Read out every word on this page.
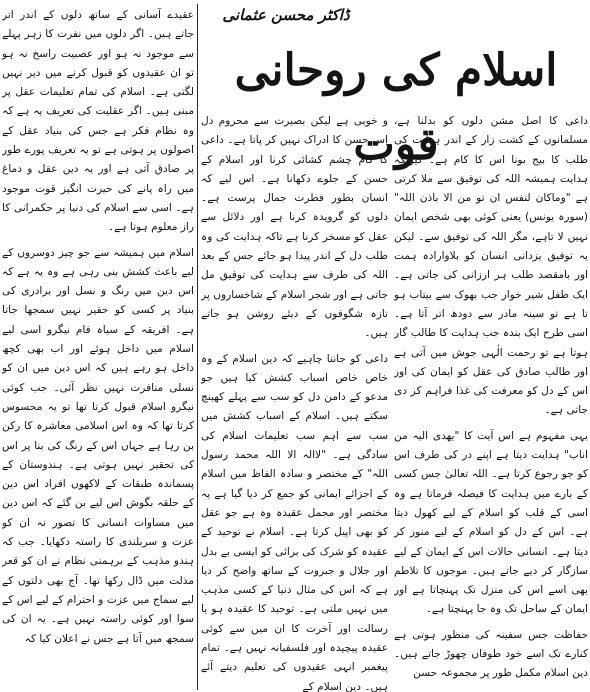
ڈاکٹر محسن عثمانی
اسلام کی روحانی قوت

داعی کا اصل مشن دلوں کو بدلنا ہے، مسلمانوں کے کشت زار کے اندر ہدایت کی طلب کا بیج بونا اس کا کام ہے۔ کیونکہ ہدایت ہمیشہ اللہ کی توفیق سے ملا کرتی ہے "وماکان لنفس ان تو من الا باذن اللہ" (سورہ یونس) یعنی کوئی بھی شخص ایمان نہیں لا تاہے، مگر اللہ کی توفیق سے۔ لیکن یہ توفیق یزدانی انسان کو بلاوارادہ ہمت اور بامقصد طلب ہر ارزانی کی جاتی ہے۔ ایک طفل شیر خوار جب بھوک سے بیتاب ہو تا ہے تو سینہ مادر سے دودھ اتر آتا ہے۔ اسی طرح ایک بندہ جب ہدایت کا طالب گار ہوتا ہے تو رحمت الٰہی جوش میں آتی ہے اور طالب صادق کی عقل کو ایمان کی اور اس کے دل کو معرفت کی غذا فراہم کر دی جاتی ہے۔

یہی مفہوم ہے اس آیت کا "یھدی الیہ من اناب" ہدایت دیتا ہے اپنے در کی طرف اس کو جو رجوع کرتا ہے۔ اللہ تعالیٰ جس کسی کے بارے میں ہدایت کا فیصلہ فرماتا ہے وہ اسی کے قلب کو اسلام کے لیے کھول دیتا ہے۔ اس کے دل کو اسلام کے لیے منور کر دیتا ہے۔ انسانی حالات اس کے ایمان کے لیے سازگار کر دیے جاتے ہیں۔ موجوں کا تلاطم بھی اسے اس کی منزل تک پہنچاتا ہے اور ایمان کے ساحل تک وہ جا پہنچتا ہے۔

حفاظت جس سفینہ کی منظور ہوتی ہے کنارے تک اسے خود طوفاں چھوڑ جاتے ہیں۔ دین اسلام مکمل طور پر مجموعہ حسن

و خوبی ہے لیکن بصیرت سے محروم دل اس حسن کا ادراک نہیں کر پاتا ہے۔ داعی کا کام چشم کشائی کرنا اور اسلام کے حسن کے جلوے دکھانا ہے۔ اس لیے کہ انسان بطور فطرت جمال پرست ہے۔ دلوں کو گرویدہ کرنا ہے اور دلائل سے عقل کو مسخر کرنا ہے تاکہ ہدایت کی وہ طلب دل کے اندر پیدا ہو جائے جس کے بعد اللہ کی طرف سے ہدایت کی توفیق مل جاتی ہے اور شجر اسلام کے شاخساروں پر تازہ شگوفوں کے دیئے روشن ہو جاتے ہیں۔

داعی کو جاننا چاہیے کہ دین اسلام کے وہ خاص خاص اسباب کشش کیا ہیں جو مدعو کے دامن دل کو سب سے پہلے کھینچ سکتے ہیں۔ اسلام کے اسباب کشش میں سب سے اہم سب تعلیمات اسلام کی سادگی ہے۔ "لاالہ الا اللہ محمد رسول اللہ" کے مختصر و سادہ الفاظ میں اسلام کے اجزائے ایمانی کو جمع کر دیا گیا ہے یہ مختصر اور مجمل عقیدہ وہ ہے جو عقل کو بھی اپیل کرتا ہے۔ اسلام نے توحید کے عقیدہ کو شرک کی برائی کو ایسی بے بدل اور جلال و جبروت کے ساتھ واضح کر دیا ہے کہ اس کی مثال دنیا کے کسی مذہب میں نہیں ملتی ہے۔ توحید کا عقیدہ ہو یا رسالت اور آخرت کا ان میں سے کوئی عقیدہ پیچیدہ اور فلسفیانہ نہیں ہے۔ تمام پیغمبر انہی عقیدوں کی تعلیم دیتے آئے ہیں۔ دین اسلام کے

عقیدے آسانی کے ساتھ دلوں کے اندر اتر جاتے ہیں۔ اگر دلوں میں نفرت کا زہر پہلے سے موجود نہ ہو اور عصبیت راسخ نہ ہو تو ان عقیدوں کو قبول کرنے میں دیر نہیں لگتی ہے۔ اسلام کی تمام تعلیمات عقل پر مبنی ہیں۔ اگر عقلیت کی تعریف یہ ہے کہ وہ نظام فکر ہے جس کی بنیاد عقل کے اصولوں پر ہوتی ہے تو یہ تعریف پورے طور پر صادق آتی ہے اور یہ دین عقل و دماغ میں راہ پانے کی حیرت انگیز قوت موجود ہے۔ اسی سے اسلام کی دنیا پر حکمرانی کا راز معلوم ہوتا ہے۔

اسلام میں ہمیشہ سے جو چیز دوسروں کے لیے باعث کشش بنی رہی ہے وہ یہ ہے کہ اس دین میں رنگ و نسل اور برادری کی بنیاد پر کسی کو حقیر نہیں سمجھا جاتا ہے۔ افریقہ کے سیاہ فام نیگرو اسی لیے اسلام میں داخل ہوئے اور اب بھی کچھ داخل ہو رہے ہیں کہ اس دین میں ان کو نسلی منافرت نہیں نظر آئی۔ جب کوئی نیگرو اسلام قبول کرتا تھا تو یہ محسوس کرتا تھا کہ وہ اس اسلامی معاشرہ کا رکن بن رہا ہے جہاں اس کے رنگ کی بنا پر اس کی تحقیر نہیں ہوتی ہے۔ ہندوستان کے پسماندہ طبقات کے لاکھوں افراد اس دین کے حلقہ بگوش اس لیے بن گئے کہ اس دین میں مساوات انسانی کا تصور نہ ان کو عزت و سربلندی کا راستہ دکھایا۔ جب کہ ہندو مذہب کے برہمنی نظام نے ان کو قعر مذلت میں ڈال رکھا تھا۔ آج بھی دلتوں کے لیے سماج میں عزت و احترام کے لیے اس کے سوا اور کوئی راستہ نہیں ہے۔ یہ ان کی سمجھ میں آتا ہے جس نے اعلان کیا کہ
